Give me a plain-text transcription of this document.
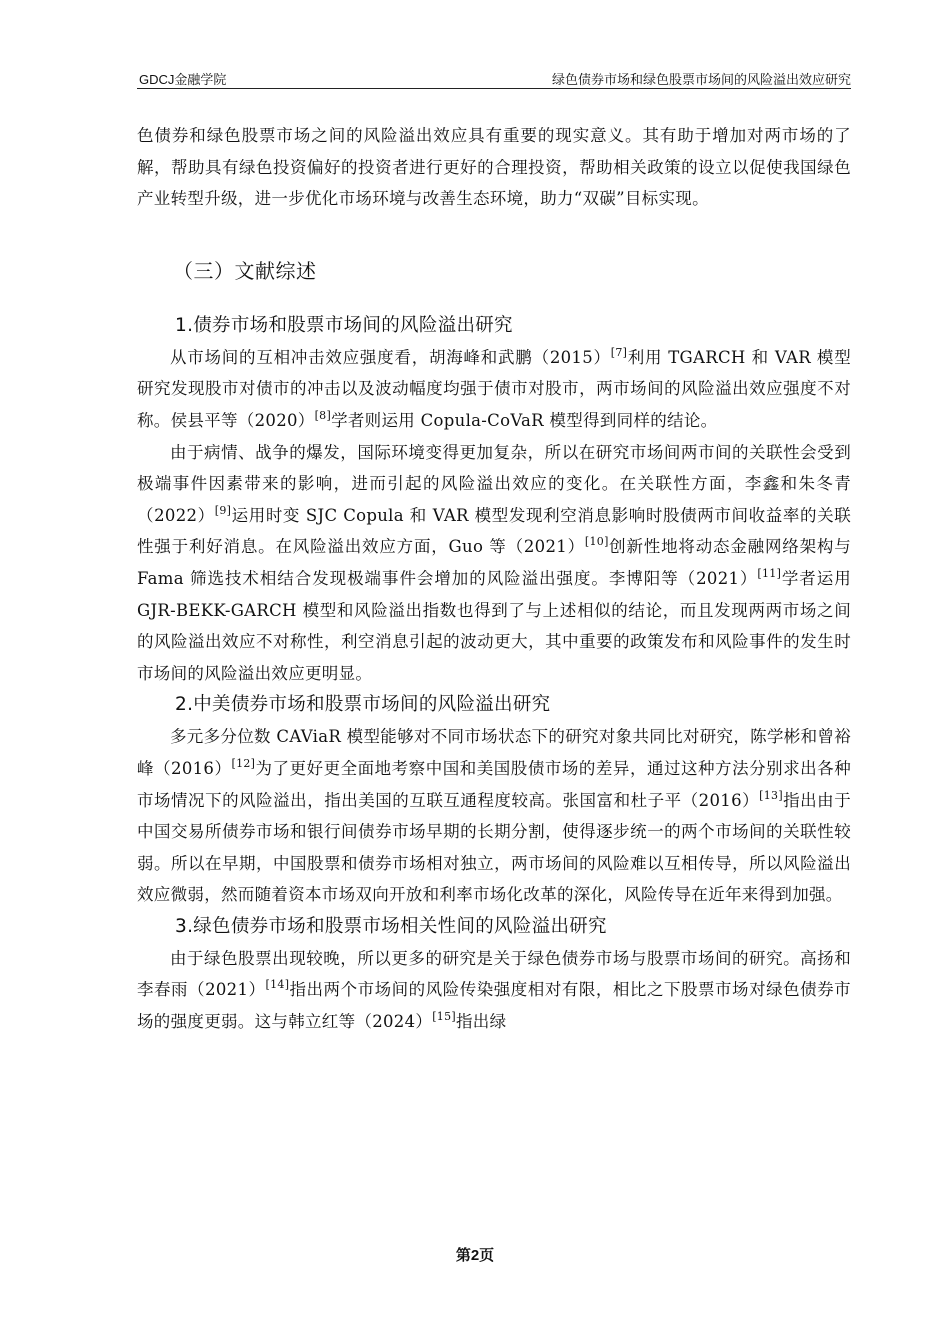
GDCJ金融学院	绿色债券市场和绿色股票市场间的风险溢出效应研究

色债券和绿色股票市场之间的风险溢出效应具有重要的现实意义。其有助于增加对两市场的了解，帮助具有绿色投资偏好的投资者进行更好的合理投资，帮助相关政策的设立以促使我国绿色产业转型升级，进一步优化市场环境与改善生态环境，助力“双碳”目标实现。

（三）文献综述
1.债券市场和股票市场间的风险溢出研究

从市场间的互相冲击效应强度看，胡海峰和武鹏（2015）[7]利用 TGARCH 和 VAR 模型研究发现股市对债市的冲击以及波动幅度均强于债市对股市，两市场间的风险溢出效应强度不对称。侯县平等（2020）[8]学者则运用 Copula-CoVaR 模型得到同样的结论。

由于病情、战争的爆发，国际环境变得更加复杂，所以在研究市场间两市间的关联性会受到极端事件因素带来的影响，进而引起的风险溢出效应的变化。在关联性方面，李鑫和朱冬青（2022）[9]运用时变 SJC Copula 和 VAR 模型发现利空消息影响时股债两市间收益率的关联性强于利好消息。在风险溢出效应方面，Guo 等（2021）[10]创新性地将动态金融网络架构与 Fama 筛选技术相结合发现极端事件会增加的风险溢出强度。李博阳等（2021）[11]学者运用 GJR-BEKK-GARCH 模型和风险溢出指数也得到了与上述相似的结论，而且发现两两市场之间的风险溢出效应不对称性，利空消息引起的波动更大，其中重要的政策发布和风险事件的发生时市场间的风险溢出效应更明显。

2.中美债券市场和股票市场间的风险溢出研究

多元多分位数 CAViaR 模型能够对不同市场状态下的研究对象共同比对研究，陈学彬和曾裕峰（2016）[12]为了更好更全面地考察中国和美国股债市场的差异，通过这种方法分别求出各种市场情况下的风险溢出，指出美国的互联互通程度较高。张国富和杜子平（2016）[13]指出由于中国交易所债券市场和银行间债券市场早期的长期分割，使得逐步统一的两个市场间的关联性较弱。所以在早期，中国股票和债券市场相对独立，两市场间的风险难以互相传导，所以风险溢出效应微弱，然而随着资本市场双向开放和利率市场化改革的深化，风险传导在近年来得到加强。

3.绿色债券市场和股票市场相关性间的风险溢出研究

由于绿色股票出现较晚，所以更多的研究是关于绿色债券市场与股票市场间的研究。高扬和李春雨（2021）[14]指出两个市场间的风险传染强度相对有限，相比之下股票市场对绿色债券市场的强度更弱。这与韩立红等（2024）[15]指出绿

第2页
